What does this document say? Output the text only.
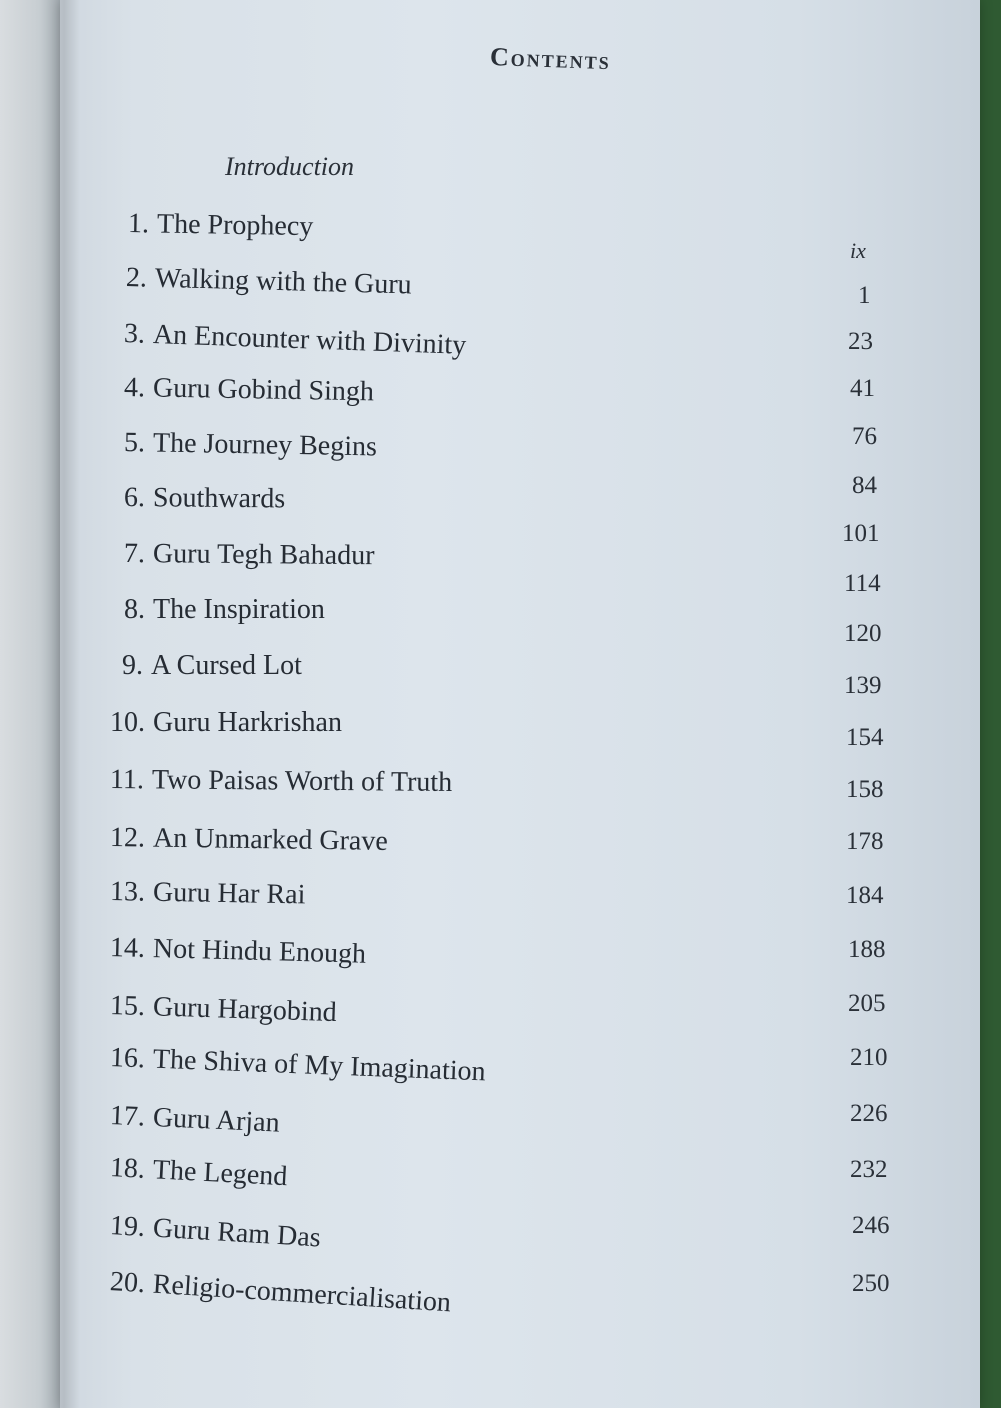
Contents
Introduction
1. The Prophecy
2. Walking with the Guru
3. An Encounter with Divinity
4. Guru Gobind Singh
5. The Journey Begins
6. Southwards
7. Guru Tegh Bahadur
8. The Inspiration
9. A Cursed Lot
10. Guru Harkrishan
11. Two Paisas Worth of Truth
12. An Unmarked Grave
13. Guru Har Rai
14. Not Hindu Enough
15. Guru Hargobind
16. The Shiva of My Imagination
17. Guru Arjan
18. The Legend
19. Guru Ram Das
20. Religio-commercialisation
ix
1
23
41
76
84
101
114
120
139
154
158
178
184
188
205
210
226
232
246
250
